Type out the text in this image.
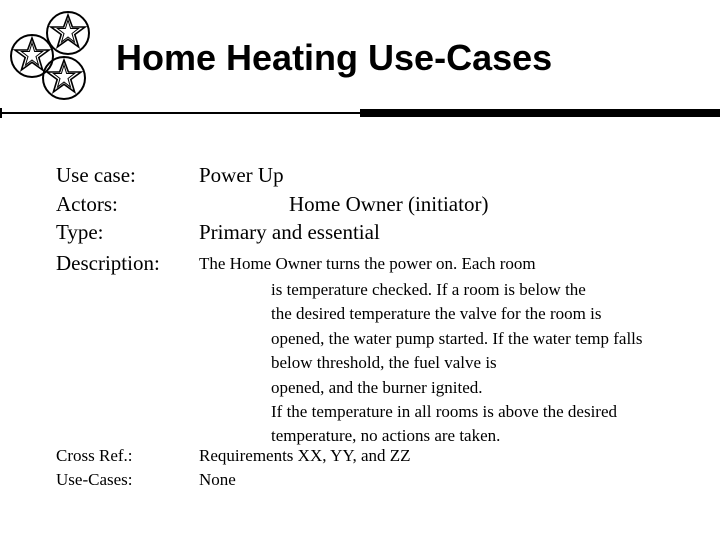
Home Heating Use-Cases
Use case:	Power Up
Actors:	Home Owner (initiator)
Type:	Primary and essential
Description: The Home Owner turns the power on. Each room
is temperature checked. If a room is below the
the desired temperature the valve for the room is
opened, the water pump started. If the water temp falls
below threshold, the fuel valve is
opened, and the burner ignited.
If the temperature in all rooms is above the desired
temperature, no actions are taken.
Cross Ref.:	Requirements XX, YY, and ZZ
Use-Cases:	None
